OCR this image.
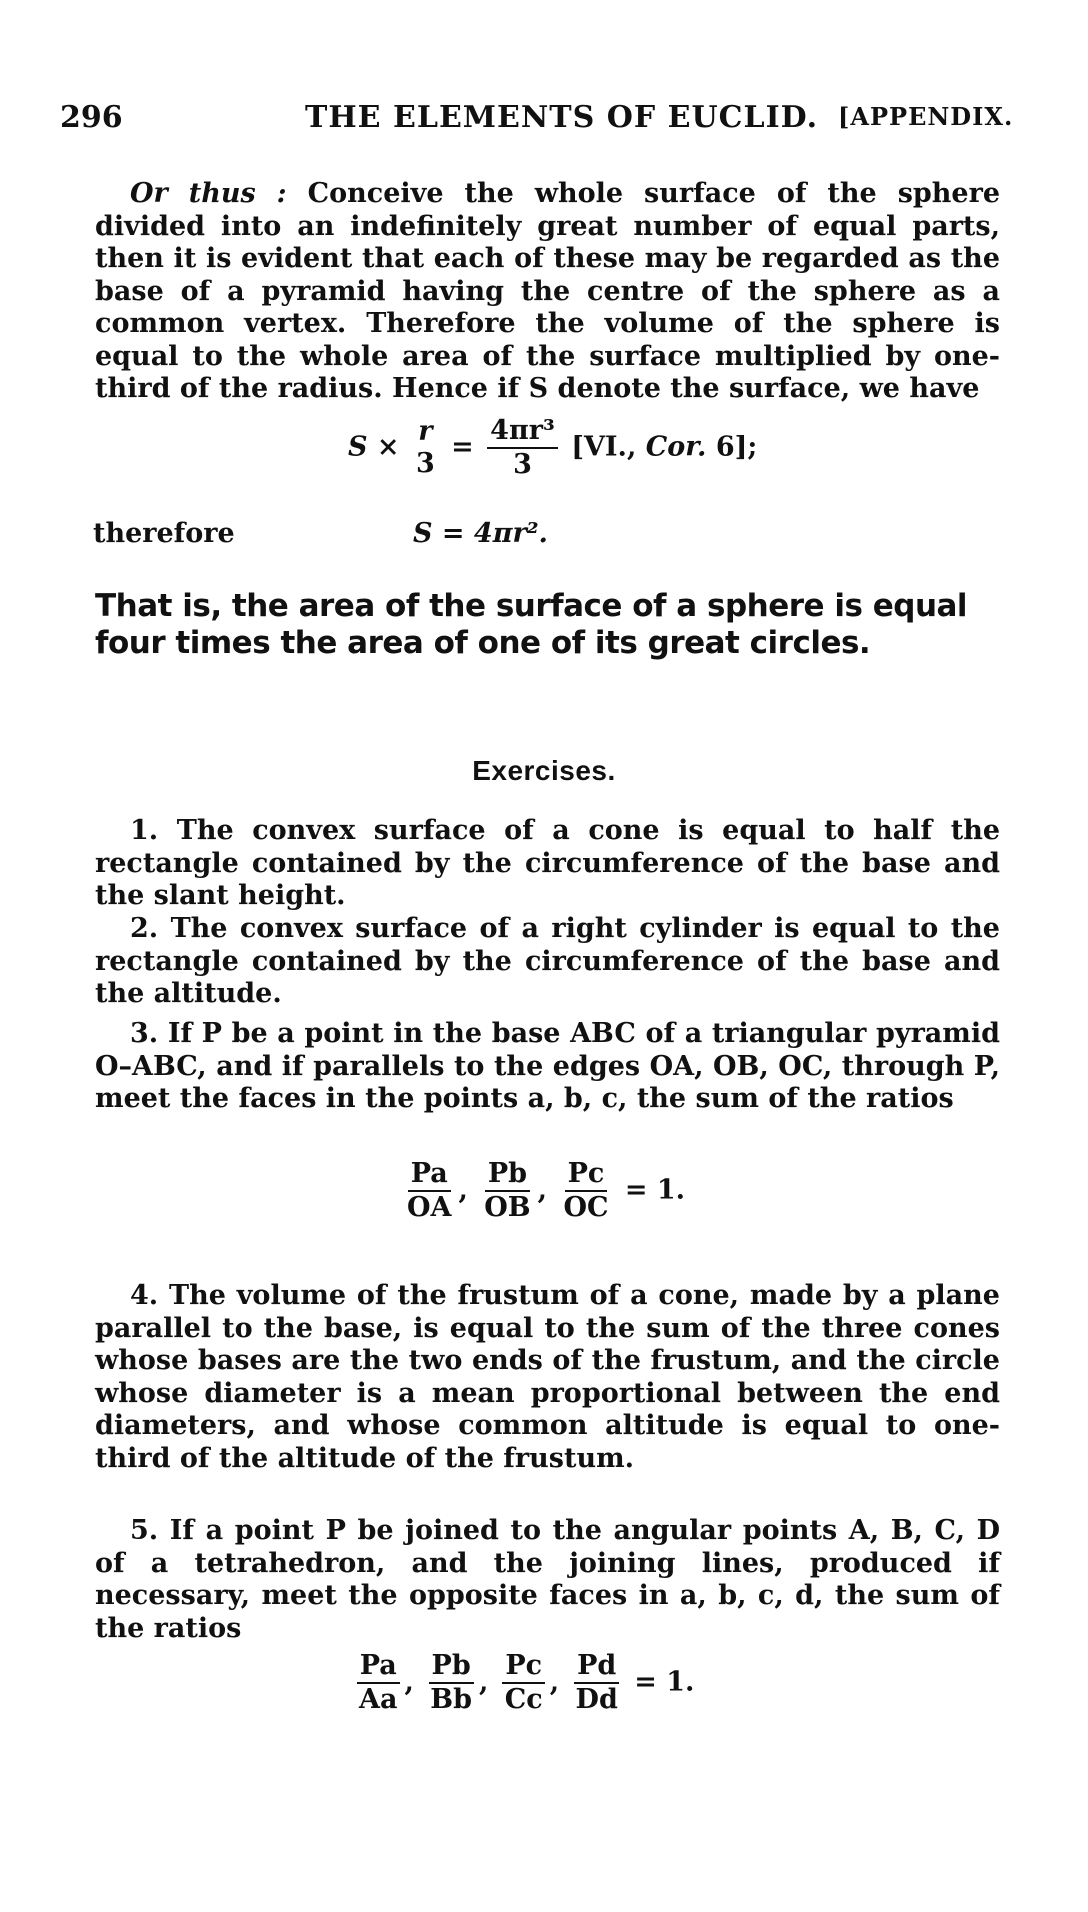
296	THE ELEMENTS OF EUCLID. [APPENDIX.
Or thus : Conceive the whole surface of the sphere divided into an indefinitely great number of equal parts, then it is evident that each of these may be regarded as the base of a pyramid having the centre of the sphere as a common vertex. Therefore the volume of the sphere is equal to the whole area of the surface multiplied by one-third of the radius. Hence if S denote the surface, we have
S × r
3
= $\frac{\text{4πr³}}{3} [VI$., Cor. 6];
therefore	S = 4πr².
That is, the area of the surface of a sphere is equal four times the area of one of its great circles.
Exercises.
1. The convex surface of a cone is equal to half the rectangle contained by the circumference of the base and the slant height.
2. The convex surface of a right cylinder is equal to the rectangle contained by the circumference of the base and the altitude.
3. If P be a point in the base ABC of a triangular pyramid O–ABC, and if parallels to the edges OA, OB, OC, through P, meet the faces in the points a, b, c, the sum of the ratios
$\frac{Pa}{OA}$ , $\frac{Pb}{OB}$ , $\frac{Pc}{OC} = 1$.
4. The volume of the frustum of a cone, made by a plane parallel to the base, is equal to the sum of the three cones whose bases are the two ends of the frustum, and the circle whose diameter is a mean proportional between the end diameters, and whose common altitude is equal to one-third of the altitude of the frustum.
5. If a point P be joined to the angular points A, B, C, D of a tetrahedron, and the joining lines, produced if necessary, meet the opposite faces in a, b, c, d, the sum of the ratios
$\frac{Pa}{Aa}$ , $\frac{Pb}{Bb}$ , $\frac{Pc}{Cc}$ , $\frac{Pd}{Dd} = 1$.
